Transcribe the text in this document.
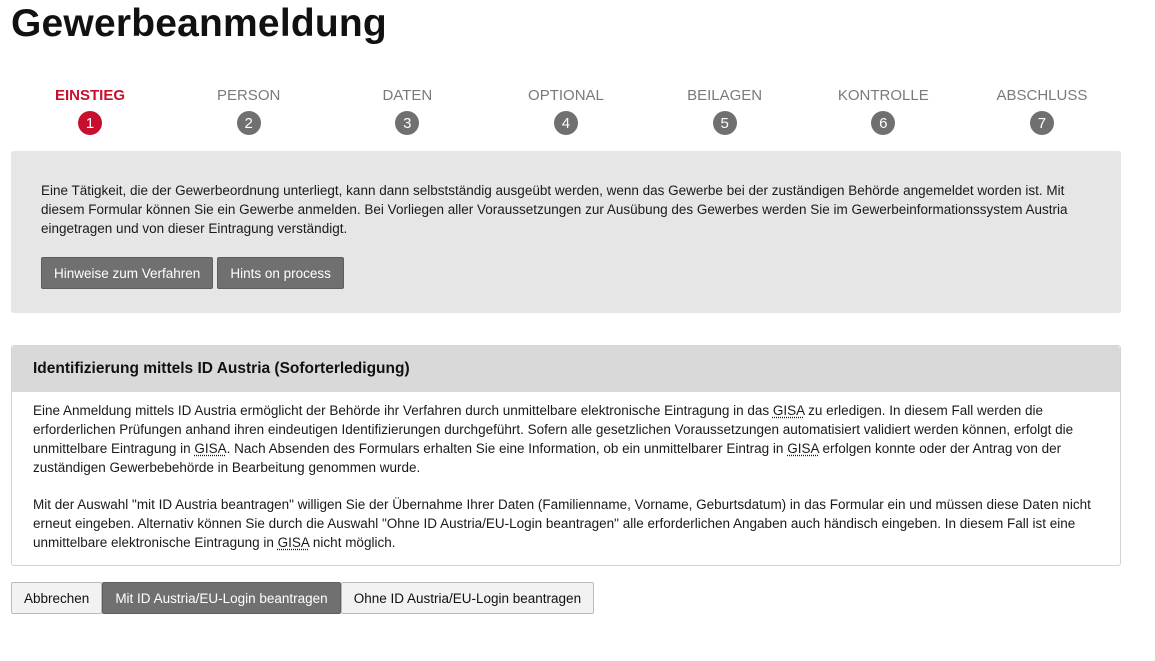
Gewerbeanmeldung
EINSTIEG
1
PERSON
2
DATEN
3
OPTIONAL
4
BEILAGEN
5
KONTROLLE
6
ABSCHLUSS
7

Eine Tätigkeit, die der Gewerbeordnung unterliegt, kann dann selbstständig ausgeübt werden, wenn das Gewerbe bei der zuständigen Behörde angemeldet worden ist. Mit diesem Formular können Sie ein Gewerbe anmelden. Bei Vorliegen aller Voraussetzungen zur Ausübung des Gewerbes werden Sie im Gewerbeinformationssystem Austria eingetragen und von dieser Eintragung verständigt.

Hinweise zum Verfahren	Hints on process
Identifizierung mittels ID Austria (Soforterledigung)

Eine Anmeldung mittels ID Austria ermöglicht der Behörde ihr Verfahren durch unmittelbare elektronische Eintragung in das GISA zu erledigen. In diesem Fall werden die erforderlichen Prüfungen anhand ihren eindeutigen Identifizierungen durchgeführt. Sofern alle gesetzlichen Voraussetzungen automatisiert validiert werden können, erfolgt die unmittelbare Eintragung in GISA. Nach Absenden des Formulars erhalten Sie eine Information, ob ein unmittelbarer Eintrag in GISA erfolgen konnte oder der Antrag von der zuständigen Gewerbebehörde in Bearbeitung genommen wurde.

Mit der Auswahl "mit ID Austria beantragen" willigen Sie der Übernahme Ihrer Daten (Familienname, Vorname, Geburtsdatum) in das Formular ein und müssen diese Daten nicht erneut eingeben. Alternativ können Sie durch die Auswahl "Ohne ID Austria/EU-Login beantragen" alle erforderlichen Angaben auch händisch eingeben. In diesem Fall ist eine unmittelbare elektronische Eintragung in GISA nicht möglich.

Abbrechen	Mit ID Austria/EU-Login beantragen	Ohne ID Austria/EU-Login beantragen
